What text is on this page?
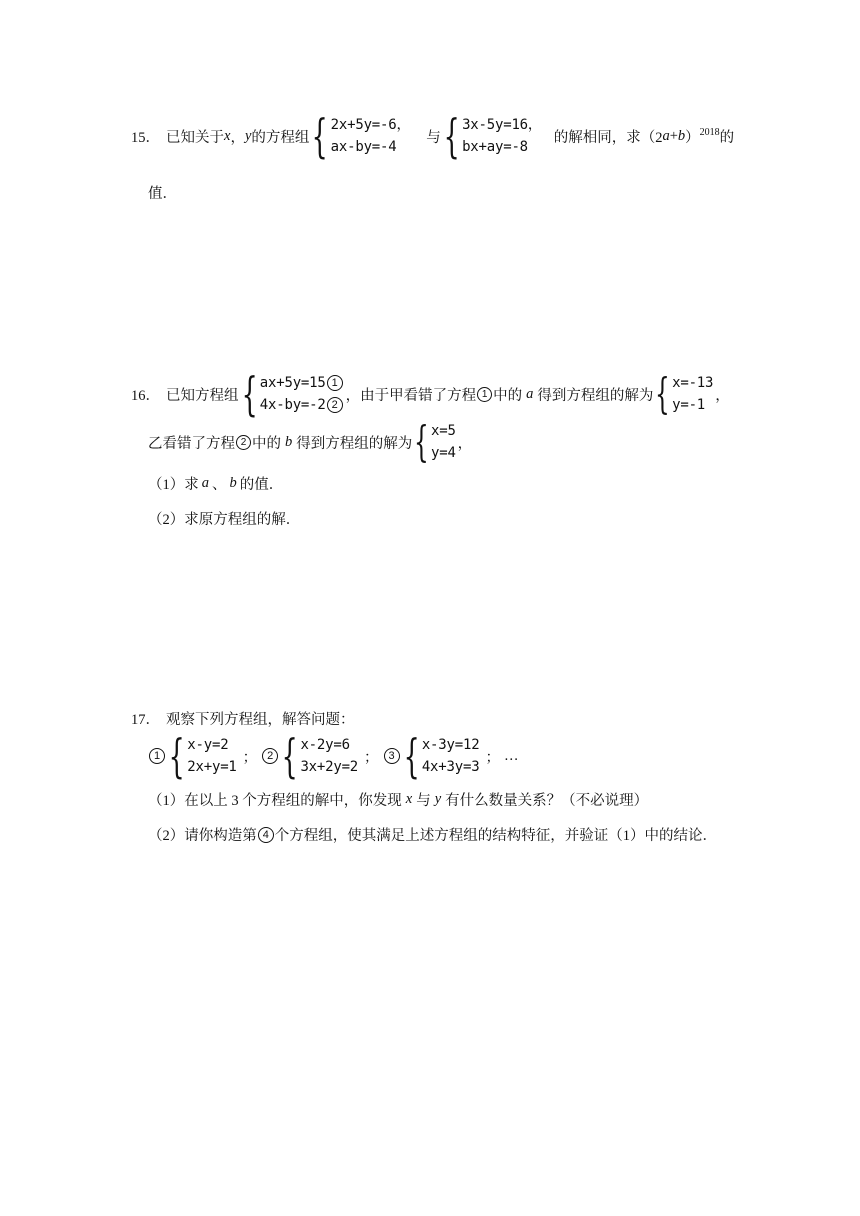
15． 已知关于 x ， y 的方程组 { 2x+5y=-6，
ax-by=-4
与 { 3x-5y=16，
bx+ay=-8
的解相同，求（2 a + b ）$^{2018}$ 的
值．
16． 已知方程组 { ax+5y=15 1
4x-by=-2 2
，由于甲看错了方程 1 中的 a 得到方程组的解为 { x=-13
y=-1
，
乙看错了方程 2 中的 b 得到方程组的解为 { x=5
y=4
，
（1）求 a 、 b 的值．
（2）求原方程组的解．
17． 观察下列方程组，解答问题：
1 { x-y=2
2x+y=1
； 2 { x-2y=6
3x+2y=2
； 3 { x-3y=12
4x+3y=3
； …
（1）在以上 3 个方程组的解中，你发现 x 与 y 有什么数量关系？（不必说理）
（2）请你构造第 4 个方程组，使其满足上述方程组的结构特征，并验证（1）中的结论．
